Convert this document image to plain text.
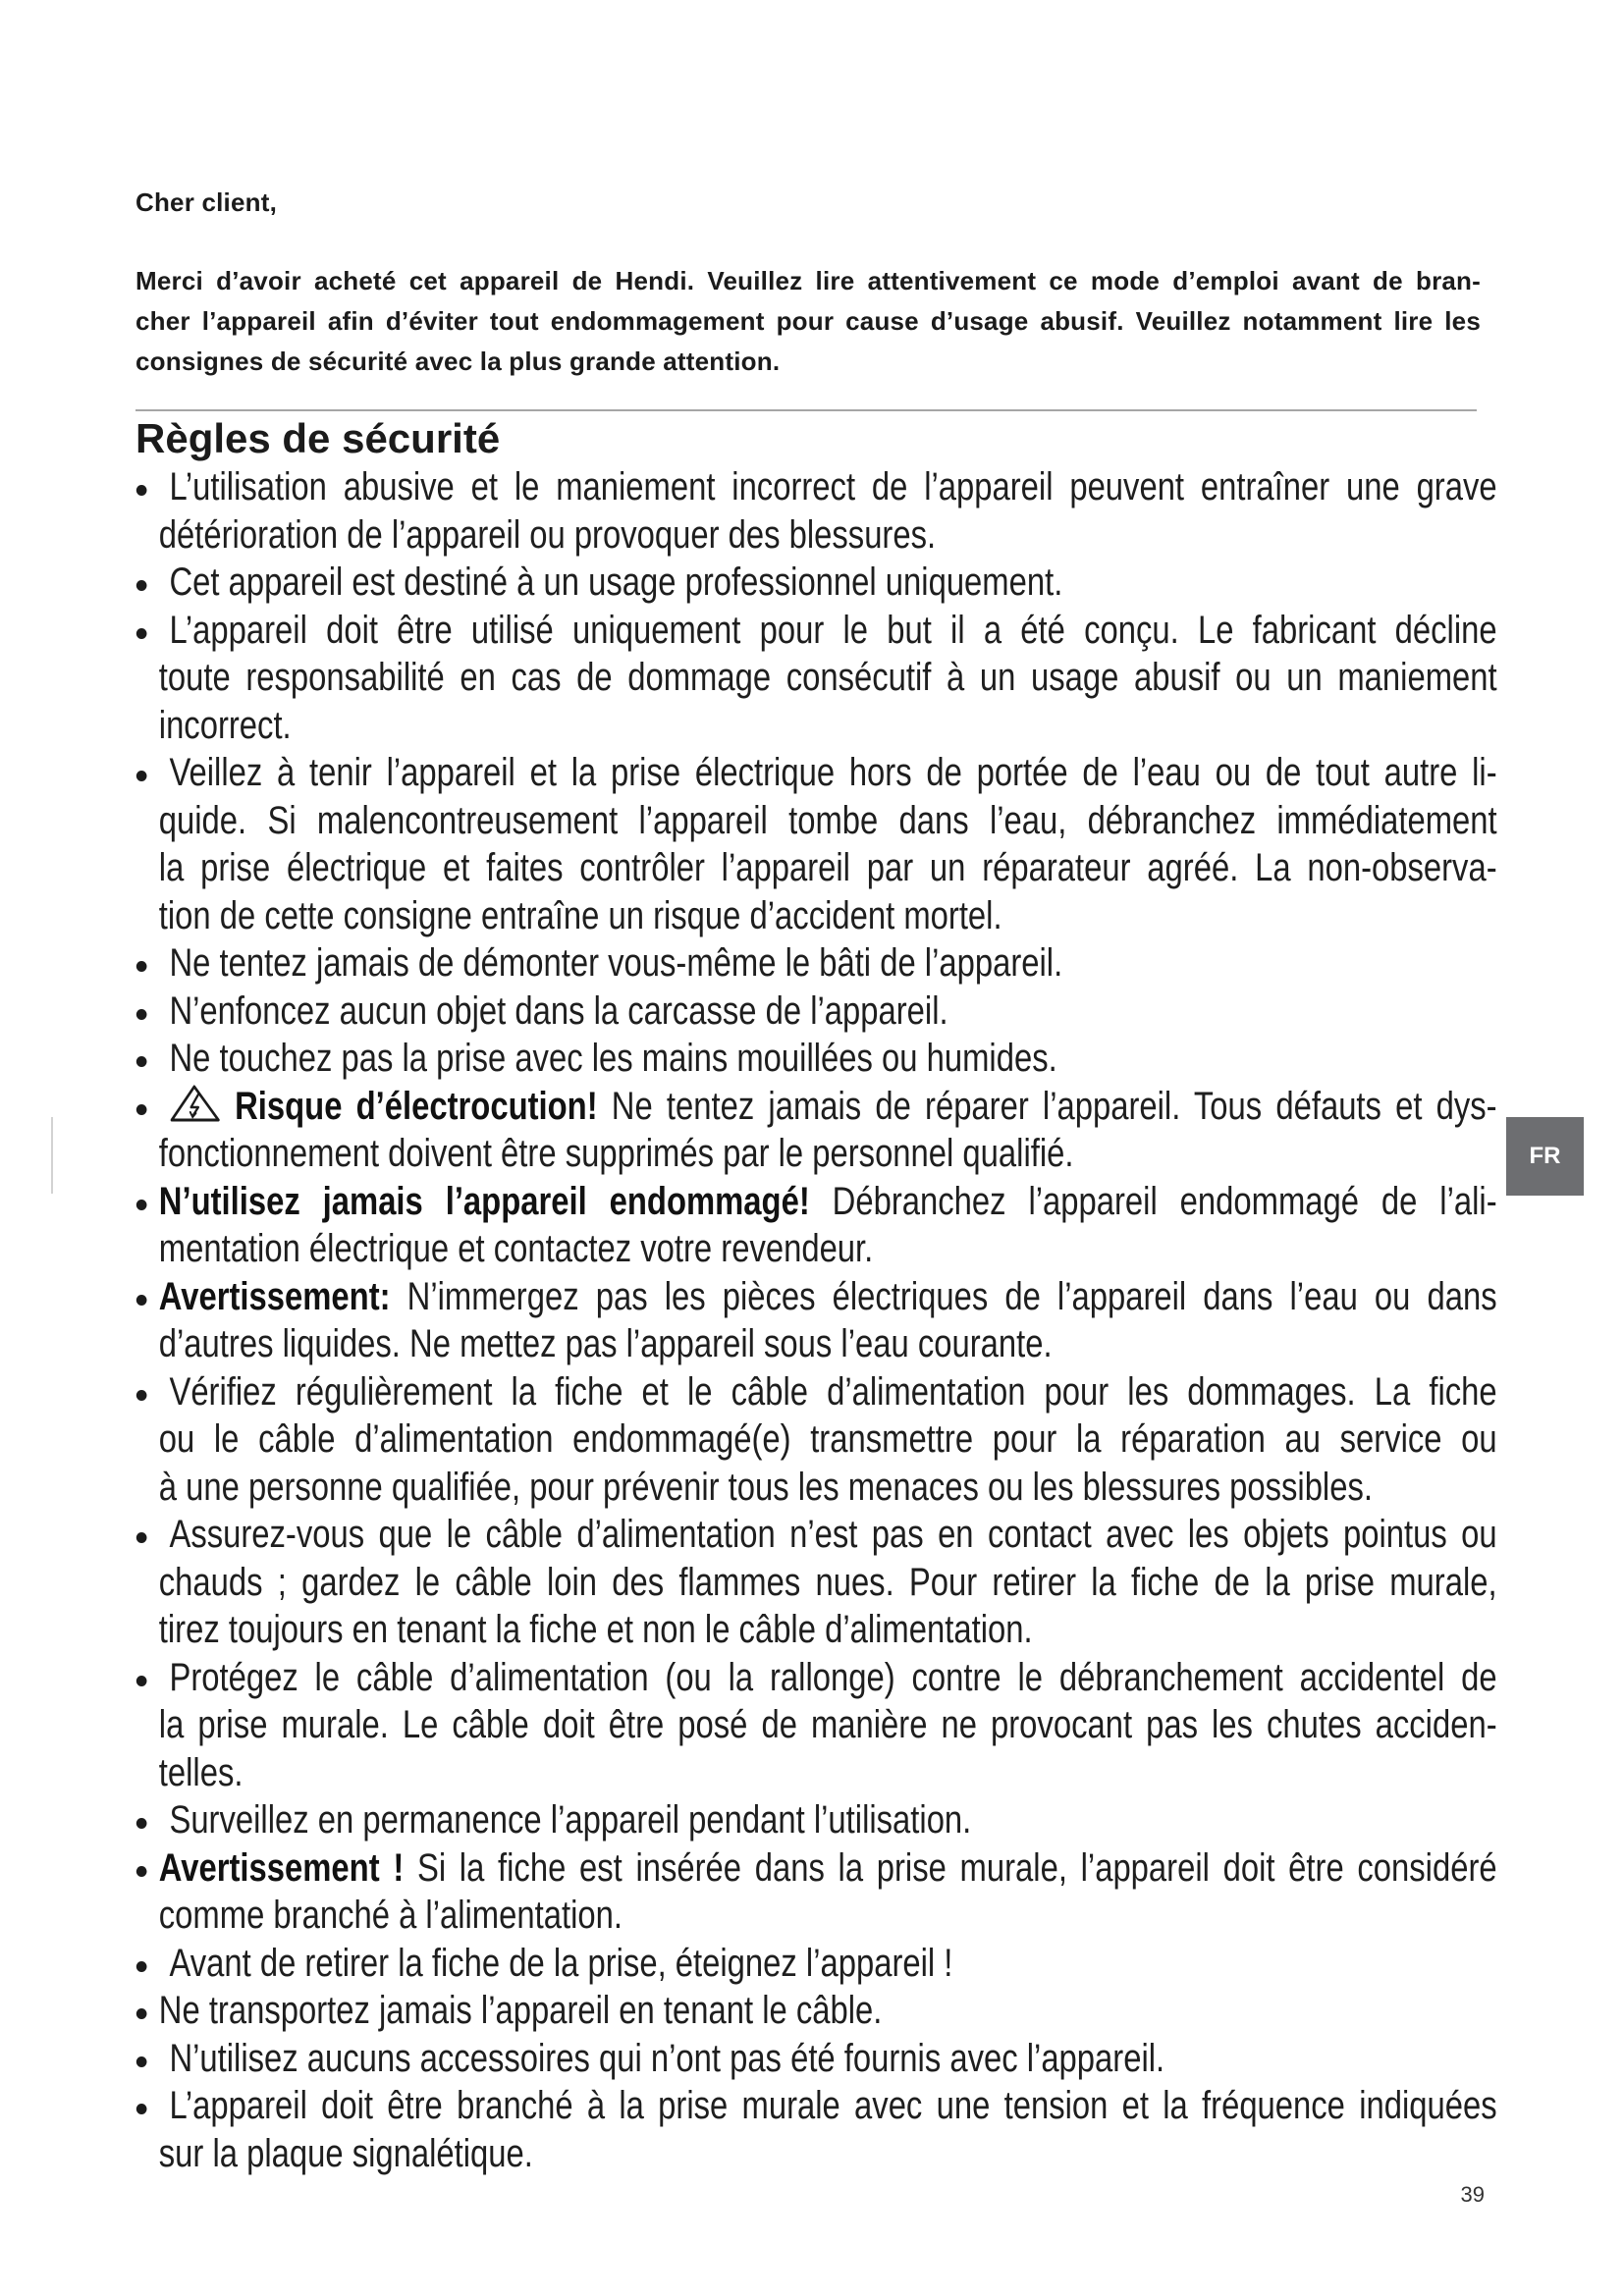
Cher client,

Merci d’avoir acheté cet appareil de Hendi. Veuillez lire attentivement ce mode d’emploi avant de bran-
cher l’appareil afin d’éviter tout endommagement pour cause d’usage abusif. Veuillez notamment lire les
consignes de sécurité avec la plus grande attention.

Règles de sécurité
L’utilisation abusive et le maniement incorrect de l’appareil peuvent entraîner une grave
détérioration de l’appareil ou provoquer des blessures.
Cet appareil est destiné à un usage professionnel uniquement.
L’appareil doit être utilisé uniquement pour le but il a été conçu. Le fabricant décline
toute responsabilité en cas de dommage consécutif à un usage abusif ou un maniement
incorrect.
Veillez à tenir l’appareil et la prise électrique hors de portée de l’eau ou de tout autre li-
quide. Si malencontreusement l’appareil tombe dans l’eau, débranchez immédiatement
la prise électrique et faites contrôler l’appareil par un réparateur agréé. La non-observa-
tion de cette consigne entraîne un risque d’accident mortel.
Ne tentez jamais de démonter vous-même le bâti de l’appareil.
N’enfoncez aucun objet dans la carcasse de l’appareil.
Ne touchez pas la prise avec les mains mouillées ou humides.
Risque d’électrocution! Ne tentez jamais de réparer l’appareil. Tous défauts et dys-
fonctionnement doivent être supprimés par le personnel qualifié.
N’utilisez jamais l’appareil endommagé! Débranchez l’appareil endommagé de l’ali-
mentation électrique et contactez votre revendeur.
Avertissement: N’immergez pas les pièces électriques de l’appareil dans l’eau ou dans
d’autres liquides. Ne mettez pas l’appareil sous l’eau courante.
Vérifiez régulièrement la fiche et le câble d’alimentation pour les dommages. La fiche
ou le câble d’alimentation endommagé(e) transmettre pour la réparation au service ou
à une personne qualifiée, pour prévenir tous les menaces ou les blessures possibles.
Assurez-vous que le câble d’alimentation n’est pas en contact avec les objets pointus ou
chauds ; gardez le câble loin des flammes nues. Pour retirer la fiche de la prise murale,
tirez toujours en tenant la fiche et non le câble d’alimentation.
Protégez le câble d’alimentation (ou la rallonge) contre le débranchement accidentel de
la prise murale. Le câble doit être posé de manière ne provocant pas les chutes acciden-
telles.
Surveillez en permanence l’appareil pendant l’utilisation.
Avertissement ! Si la fiche est insérée dans la prise murale, l’appareil doit être considéré
comme branché à l’alimentation.
Avant de retirer la fiche de la prise, éteignez l’appareil !
Ne transportez jamais l’appareil en tenant le câble.
N’utilisez aucuns accessoires qui n’ont pas été fournis avec l’appareil.
L’appareil doit être branché à la prise murale avec une tension et la fréquence indiquées
sur la plaque signalétique.
FR
39
